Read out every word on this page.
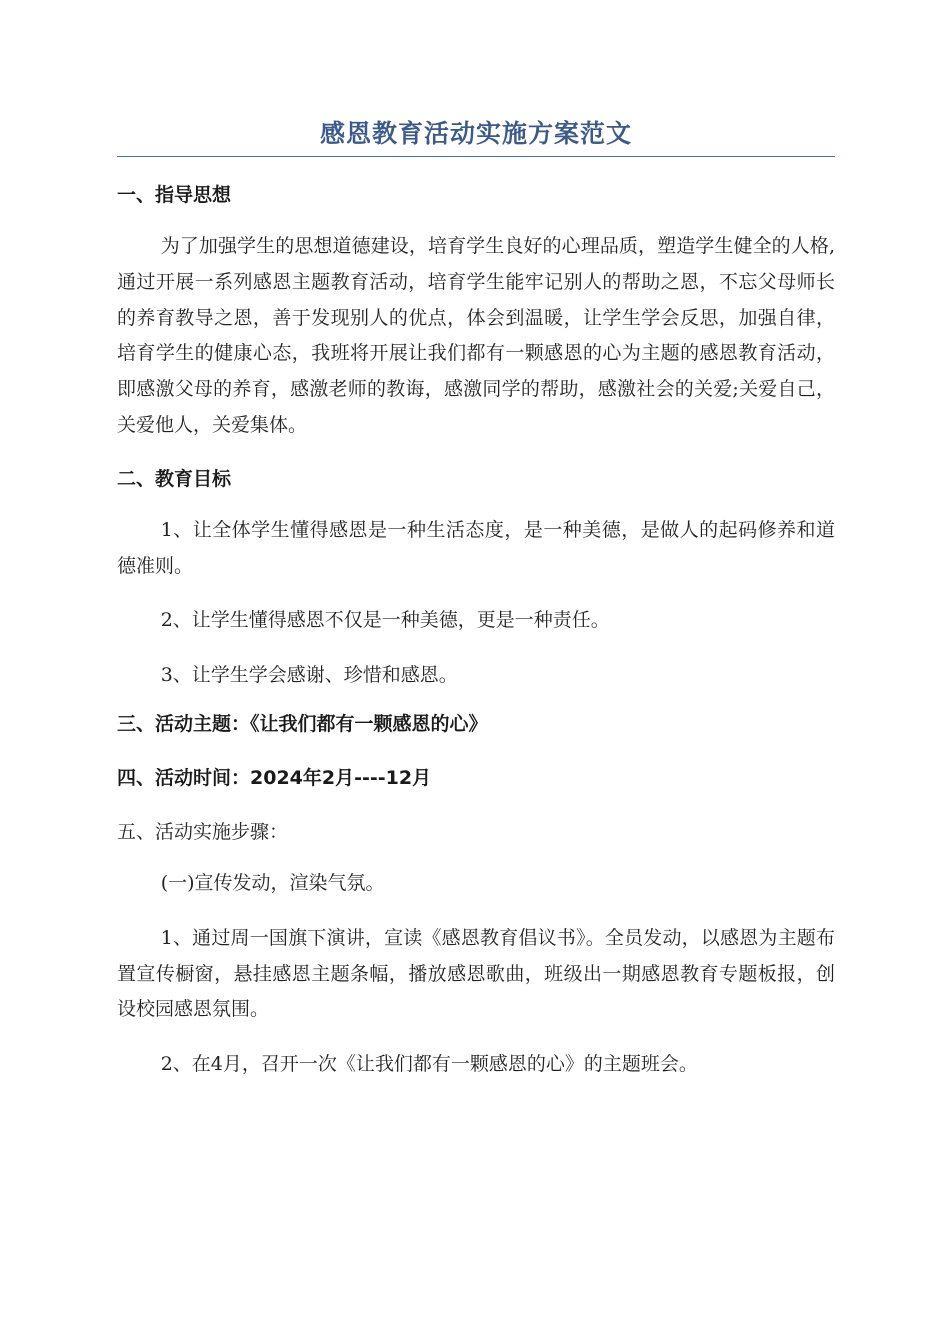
感恩教育活动实施方案范文
一、指导思想

为了加强学生的思想道德建设，培育学生良好的心理品质，塑造学生健全的人格,通过开展一系列感恩主题教育活动，培育学生能牢记别人的帮助之恩，不忘父母师长的养育教导之恩，善于发现别人的优点，体会到温暖，让学生学会反思，加强自律，培育学生的健康心态，我班将开展让我们都有一颗感恩的心为主题的感恩教育活动，即感激父母的养育，感激老师的教诲，感激同学的帮助，感激社会的关爱;关爱自己，关爱他人，关爱集体。

二、教育目标

1、让全体学生懂得感恩是一种生活态度，是一种美德，是做人的起码修养和道德准则。

2、让学生懂得感恩不仅是一种美德，更是一种责任。

3、让学生学会感谢、珍惜和感恩。

三、活动主题：《让我们都有一颗感恩的心》
四、活动时间：2024年2月----12月
五、活动实施步骤：

(一)宣传发动，渲染气氛。

1、通过周一国旗下演讲，宣读《感恩教育倡议书》。全员发动，以感恩为主题布置宣传橱窗，悬挂感恩主题条幅，播放感恩歌曲，班级出一期感恩教育专题板报，创设校园感恩氛围。

2、在4月，召开一次《让我们都有一颗感恩的心》的主题班会。
